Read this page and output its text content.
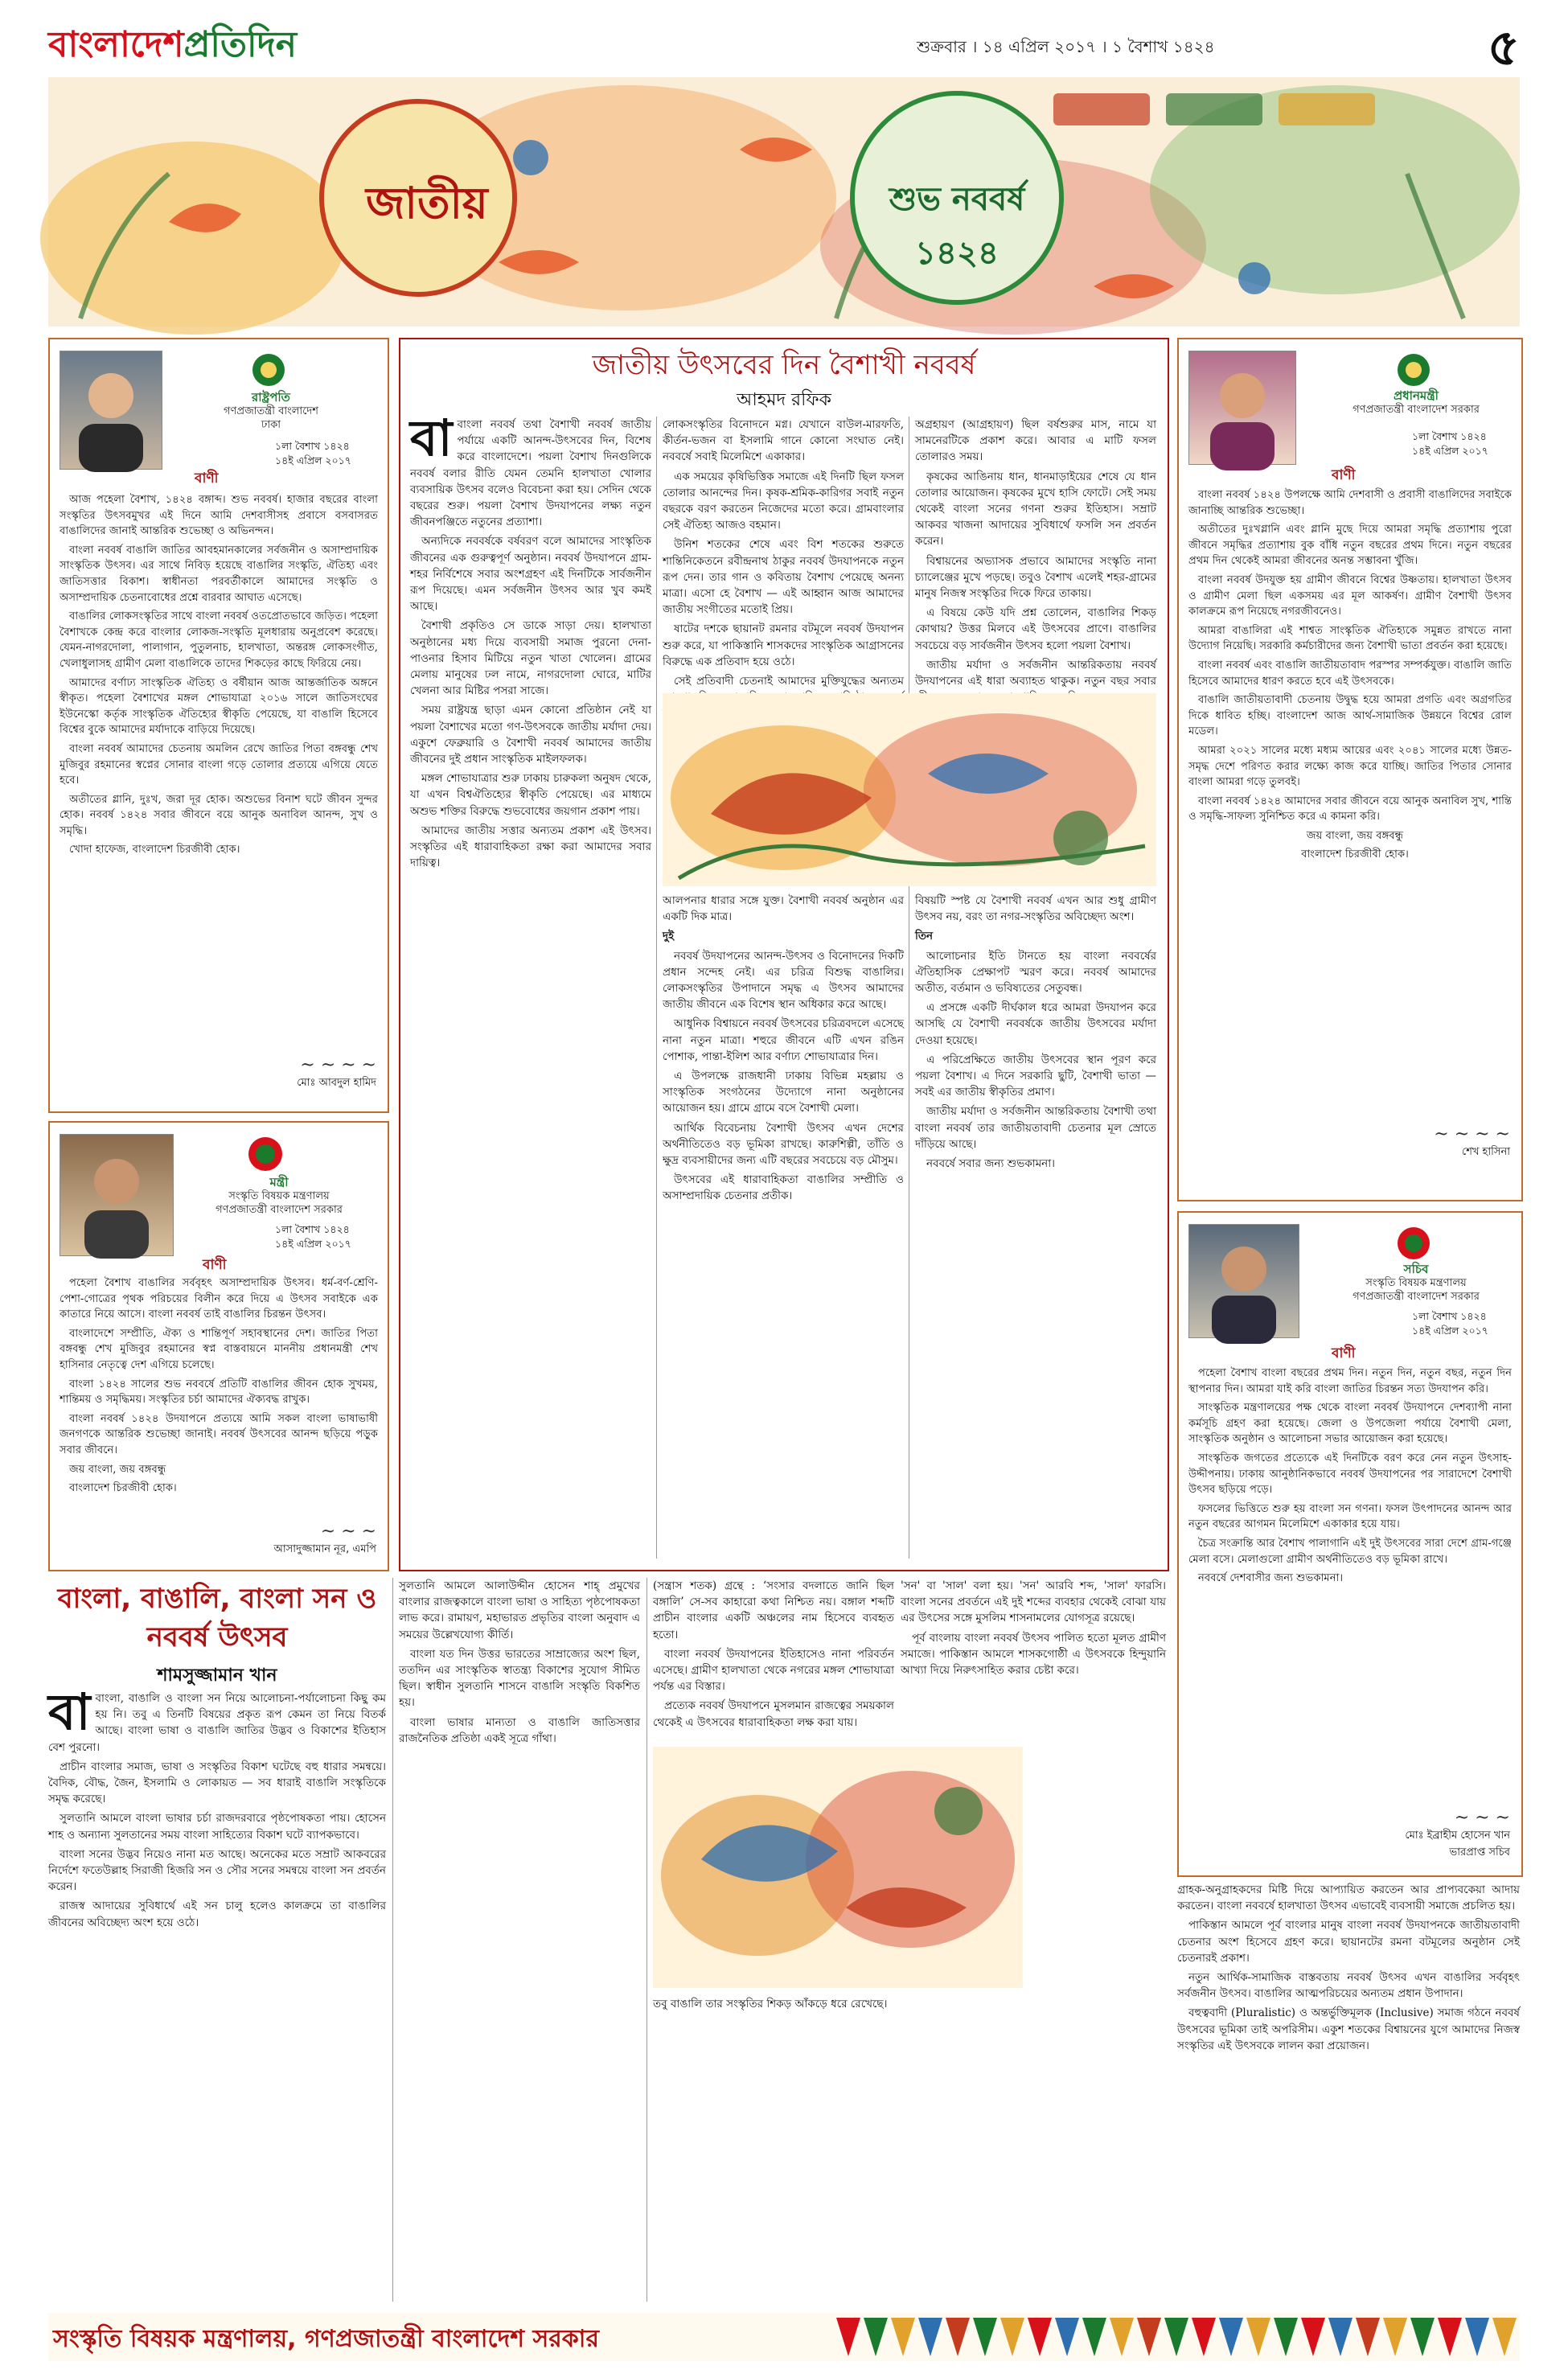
বাংলাদেশপ্রতিদিন	শুক্রবার । ১৪ এপ্রিল ২০১৭ । ১ বৈশাখ ১৪২৪	৫
জাতীয়	শুভ নববর্ষ ১৪২৪
রাষ্ট্রপতি
গণপ্রজাতন্ত্রী বাংলাদেশ
ঢাকা
১লা বৈশাখ ১৪২৪
১৪ই এপ্রিল ২০১৭
বাণী

আজ পহেলা বৈশাখ, ১৪২৪ বঙ্গাব্দ। শুভ নববর্ষ। হাজার বছরের বাংলা সংস্কৃতির উৎসবমুখর এই দিনে আমি দেশবাসীসহ প্রবাসে বসবাসরত বাঙালিদের জানাই আন্তরিক শুভেচ্ছা ও অভিনন্দন।

বাংলা নববর্ষ বাঙালি জাতির আবহমানকালের সর্বজনীন ও অসাম্প্রদায়িক সাংস্কৃতিক উৎসব। এর সাথে নিবিড় হয়েছে বাঙালির সংস্কৃতি, ঐতিহ্য এবং জাতিসত্তার বিকাশ। স্বাধীনতা পরবর্তীকালে আমাদের সংস্কৃতি ও অসাম্প্রদায়িক চেতনাবোধের প্রশ্নে বারবার আঘাত এসেছে।

বাঙালির লোকসংস্কৃতির সাথে বাংলা নববর্ষ ওতপ্রোতভাবে জড়িত। পহেলা বৈশাখকে কেন্দ্র করে বাংলার লোকজ-সংস্কৃতি মূলধারায় অনুপ্রবেশ করেছে। যেমন-নাগরদোলা, পালাগান, পুতুলনাচ, হালখাতা, অন্তরঙ্গ লোকসংগীত, খেলাধুলাসহ গ্রামীণ মেলা বাঙালিকে তাদের শিকড়ের কাছে ফিরিয়ে নেয়।

আমাদের বর্ণাঢ্য সাংস্কৃতিক ঐতিহ্য ও বর্ষীয়ান আজ আন্তর্জাতিক অঙ্গনে স্বীকৃত। পহেলা বৈশাখের মঙ্গল শোভাযাত্রা ২০১৬ সালে জাতিসংঘের ইউনেস্কো কর্তৃক সাংস্কৃতিক ঐতিহ্যের স্বীকৃতি পেয়েছে, যা বাঙালি হিসেবে বিশ্বের বুকে আমাদের মর্যাদাকে বাড়িয়ে দিয়েছে।

বাংলা নববর্ষ আমাদের চেতনায় অমলিন রেখে জাতির পিতা বঙ্গবন্ধু শেখ মুজিবুর রহমানের স্বপ্নের সোনার বাংলা গড়ে তোলার প্রত্যয়ে এগিয়ে যেতে হবে।

অতীতের গ্লানি, দুঃখ, জরা দূর হোক। অশুভের বিনাশ ঘটে জীবন সুন্দর হোক। নববর্ষ ১৪২৪ সবার জীবনে বয়ে আনুক অনাবিল আনন্দ, সুখ ও সমৃদ্ধি।

খোদা হাফেজ, বাংলাদেশ চিরজীবী হোক।

~ ~ ~ ~
মোঃ আবদুল হামিদ
মন্ত্রী
সংস্কৃতি বিষয়ক মন্ত্রণালয়
গণপ্রজাতন্ত্রী বাংলাদেশ সরকার
১লা বৈশাখ ১৪২৪
১৪ই এপ্রিল ২০১৭
বাণী

পহেলা বৈশাখ বাঙালির সর্ববৃহৎ অসাম্প্রদায়িক উৎসব। ধর্ম-বর্ণ-শ্রেণি-পেশা-গোত্রের পৃথক পরিচয়ের বিলীন করে দিয়ে এ উৎসব সবাইকে এক কাতারে নিয়ে আসে। বাংলা নববর্ষ তাই বাঙালির চিরন্তন উৎসব।

বাংলাদেশে সম্প্রীতি, ঐক্য ও শান্তিপূর্ণ সহাবস্থানের দেশ। জাতির পিতা বঙ্গবন্ধু শেখ মুজিবুর রহমানের স্বপ্ন বাস্তবায়নে মাননীয় প্রধানমন্ত্রী শেখ হাসিনার নেতৃত্বে দেশ এগিয়ে চলেছে।

বাংলা ১৪২৪ সালের শুভ নববর্ষে প্রতিটি বাঙালির জীবন হোক সুখময়, শান্তিময় ও সমৃদ্ধিময়। সংস্কৃতির চর্চা আমাদের ঐক্যবদ্ধ রাখুক।

বাংলা নববর্ষ ১৪২৪ উদযাপনে প্রত্যয়ে আমি সকল বাংলা ভাষাভাষী জনগণকে আন্তরিক শুভেচ্ছা জানাই। নববর্ষ উৎসবের আনন্দ ছড়িয়ে পড়ুক সবার জীবনে।

জয় বাংলা, জয় বঙ্গবন্ধু

বাংলাদেশ চিরজীবী হোক।

~ ~ ~
আসাদুজ্জামান নূর, এমপি
জাতীয় উৎসবের দিন বৈশাখী নববর্ষ
আহমদ রফিক
বা বাংলা নববর্ষ তথা বৈশাখী নববর্ষ জাতীয় পর্যায়ে একটি আনন্দ-উৎসবের দিন, বিশেষ করে বাংলাদেশে। পয়লা বৈশাখ দিনগুলিকে নববর্ষ বলার রীতি যেমন তেমনি হালখাতা খোলার ব্যবসায়িক উৎসব বলেও বিবেচনা করা হয়। সেদিন থেকে বছরের শুরু। পয়লা বৈশাখ উদযাপনের লক্ষ্য নতুন জীবনপঞ্জিতে নতুনের প্রত্যাশা।

অন্যদিকে নববর্ষকে বর্ষবরণ বলে আমাদের সাংস্কৃতিক জীবনের এক গুরুত্বপূর্ণ অনুষ্ঠান। নববর্ষ উদযাপনে গ্রাম-শহর নির্বিশেষে সবার অংশগ্রহণ এই দিনটিকে সার্বজনীন রূপ দিয়েছে। এমন সর্বজনীন উৎসব আর খুব কমই আছে।

বৈশাখী প্রকৃতিও সে ডাকে সাড়া দেয়। হালখাতা অনুষ্ঠানের মধ্য দিয়ে ব্যবসায়ী সমাজ পুরনো দেনা-পাওনার হিসাব মিটিয়ে নতুন খাতা খোলেন। গ্রামের মেলায় মানুষের ঢল নামে, নাগরদোলা ঘোরে, মাটির খেলনা আর মিষ্টির পসরা সাজে।

সময় রাষ্ট্রযন্ত্র ছাড়া এমন কোনো প্রতিষ্ঠান নেই যা পয়লা বৈশাখের মতো গণ-উৎসবকে জাতীয় মর্যাদা দেয়। একুশে ফেব্রুয়ারি ও বৈশাখী নববর্ষ আমাদের জাতীয় জীবনের দুই প্রধান সাংস্কৃতিক মাইলফলক।

মঙ্গল শোভাযাত্রার শুরু ঢাকায় চারুকলা অনুষদ থেকে, যা এখন বিশ্বঐতিহ্যের স্বীকৃতি পেয়েছে। এর মাধ্যমে অশুভ শক্তির বিরুদ্ধে শুভবোধের জয়গান প্রকাশ পায়।

আমাদের জাতীয় সত্তার অন্যতম প্রকাশ এই উৎসব। সংস্কৃতির এই ধারাবাহিকতা রক্ষা করা আমাদের সবার দায়িত্ব।

লোকসংস্কৃতির বিনোদনে মগ্ন। যেখানে বাউল-মারফতি, কীর্তন-ভজন বা ইসলামি গানে কোনো সংঘাত নেই। নববর্ষে সবাই মিলেমিশে একাকার।

এক সময়ের কৃষিভিত্তিক সমাজে এই দিনটি ছিল ফসল তোলার আনন্দের দিন। কৃষক-শ্রমিক-কারিগর সবাই নতুন বছরকে বরণ করতেন নিজেদের মতো করে। গ্রামবাংলার সেই ঐতিহ্য আজও বহমান।

উনিশ শতকের শেষে এবং বিশ শতকের শুরুতে শান্তিনিকেতনে রবীন্দ্রনাথ ঠাকুর নববর্ষ উদযাপনকে নতুন রূপ দেন। তার গান ও কবিতায় বৈশাখ পেয়েছে অনন্য মাত্রা। এসো হে বৈশাখ — এই আহ্বান আজ আমাদের জাতীয় সংগীতের মতোই প্রিয়।

ষাটের দশকে ছায়ানট রমনার বটমূলে নববর্ষ উদযাপন শুরু করে, যা পাকিস্তানি শাসকদের সাংস্কৃতিক আগ্রাসনের বিরুদ্ধে এক প্রতিবাদ হয়ে ওঠে।

সেই প্রতিবাদী চেতনাই আমাদের মুক্তিযুদ্ধের অন্যতম

অগ্রহায়ণ (আগ্রহায়ণ) ছিল বর্ষশুরুর মাস, নামে যা সামনেরটিকে প্রকাশ করে। আবার এ মাটি ফসল তোলারও সময়।

কৃষকের আঙিনায় ধান, ধানমাড়াইয়ের শেষে যে ধান তোলার আয়োজন। কৃষকের মুখে হাসি ফোটে। সেই সময় থেকেই বাংলা সনের গণনা শুরুর ইতিহাস। সম্রাট আকবর খাজনা আদায়ের সুবিধার্থে ফসলি সন প্রবর্তন করেন।

বিশ্বায়নের অভ্যাসক প্রভাবে আমাদের সংস্কৃতি নানা চ্যালেঞ্জের মুখে পড়ছে। তবুও বৈশাখ এলেই শহর-গ্রামের মানুষ নিজস্ব সংস্কৃতির দিকে ফিরে তাকায়।

এ বিষয়ে কেউ যদি প্রশ্ন তোলেন, বাঙালির শিকড় কোথায়? উত্তর মিলবে এই উৎসবের প্রাণে। বাঙালির সবচেয়ে বড় সার্বজনীন উৎসব হলো পয়লা বৈশাখ।

জাতীয় মর্যাদা ও সর্বজনীন আন্তরিকতায় নববর্ষ উদযাপনের এই ধারা অব্যাহত থাকুক। নতুন বছর সবার

আলপনার ধারার সঙ্গে যুক্ত। বৈশাখী নববর্ষ অনুষ্ঠান এর একটি দিক মাত্র।

দুই

নববর্ষ উদযাপনের আনন্দ-উৎসব ও বিনোদনের দিকটি প্রধান সন্দেহ নেই। এর চরিত্র বিশুদ্ধ বাঙালির। লোকসংস্কৃতির উপাদানে সমৃদ্ধ এ উৎসব আমাদের জাতীয় জীবনে এক বিশেষ স্থান অধিকার করে আছে।

আধুনিক বিশ্বায়নে নববর্ষ উৎসবের চরিত্রবদলে এসেছে নানা নতুন মাত্রা। শহুরে জীবনে এটি এখন রঙিন পোশাক, পান্তা-ইলিশ আর বর্ণাঢ্য শোভাযাত্রার দিন।

এ উপলক্ষে রাজধানী ঢাকায় বিভিন্ন মহল্লায় ও সাংস্কৃতিক সংগঠনের উদ্যোগে নানা অনুষ্ঠানের আয়োজন হয়। গ্রামে গ্রামে বসে বৈশাখী মেলা।

আর্থিক বিবেচনায় বৈশাখী উৎসব এখন দেশের অর্থনীতিতেও বড় ভূমিকা রাখছে। কারুশিল্পী, তাঁতি ও ক্ষুদ্র ব্যবসায়ীদের জন্য এটি বছরের সবচেয়ে বড় মৌসুম।

উৎসবের এই ধারাবাহিকতা বাঙালির সম্প্রীতি ও অসাম্প্রদায়িক চেতনার প্রতীক।

বিষয়টি স্পষ্ট যে বৈশাখী নববর্ষ এখন আর শুধু গ্রামীণ উৎসব নয়, বরং তা নগর-সংস্কৃতির অবিচ্ছেদ্য অংশ।

তিন

আলোচনার ইতি টানতে হয় বাংলা নববর্ষের ঐতিহাসিক প্রেক্ষাপট স্মরণ করে। নববর্ষ আমাদের অতীত, বর্তমান ও ভবিষ্যতের সেতুবন্ধ।

এ প্রসঙ্গে একটি দীর্ঘকাল ধরে আমরা উদযাপন করে আসছি যে বৈশাখী নববর্ষকে জাতীয় উৎসবের মর্যাদা দেওয়া হয়েছে।

এ পরিপ্রেক্ষিতে জাতীয় উৎসবের স্থান পূরণ করে পয়লা বৈশাখ। এ দিনে সরকারি ছুটি, বৈশাখী ভাতা — সবই এর জাতীয় স্বীকৃতির প্রমাণ।

জাতীয় মর্যাদা ও সর্বজনীন আন্তরিকতায় বৈশাখী তথা বাংলা নববর্ষ তার জাতীয়তাবাদী চেতনার মূল স্রোতে দাঁড়িয়ে আছে।

নববর্ষে সবার জন্য শুভকামনা।

প্রধানমন্ত্রী
গণপ্রজাতন্ত্রী বাংলাদেশ সরকার
১লা বৈশাখ ১৪২৪
১৪ই এপ্রিল ২০১৭
বাণী

বাংলা নববর্ষ ১৪২৪ উপলক্ষে আমি দেশবাসী ও প্রবাসী বাঙালিদের সবাইকে জানাচ্ছি আন্তরিক শুভেচ্ছা।

অতীতের দুঃখগ্লানি এবং গ্লানি মুছে দিয়ে আমরা সমৃদ্ধি প্রত্যাশায় পুরো জীবনে সমৃদ্ধির প্রত্যাশায় বুক বাঁধি নতুন বছরের প্রথম দিনে। নতুন বছরের প্রথম দিন থেকেই আমরা জীবনের অনন্ত সম্ভাবনা খুঁজি।

বাংলা নববর্ষ উদযুক্ত হয় গ্রামীণ জীবনে বিশ্বের উষ্ণতায়। হালখাতা উৎসব ও গ্রামীণ মেলা ছিল একসময় এর মূল আকর্ষণ। গ্রামীণ বৈশাখী উৎসব কালক্রমে রূপ নিয়েছে নগরজীবনেও।

আমরা বাঙালিরা এই শাশ্বত সাংস্কৃতিক ঐতিহ্যকে সমুন্নত রাখতে নানা উদ্যোগ নিয়েছি। সরকারি কর্মচারীদের জন্য বৈশাখী ভাতা প্রবর্তন করা হয়েছে।

বাংলা নববর্ষ এবং বাঙালি জাতীয়তাবাদ পরস্পর সম্পর্কযুক্ত। বাঙালি জাতি হিসেবে আমাদের ধারণ করতে হবে এই উৎসবকে।

বাঙালি জাতীয়তাবাদী চেতনায় উদ্বুদ্ধ হয়ে আমরা প্রগতি এবং অগ্রগতির দিকে ধাবিত হচ্ছি। বাংলাদেশ আজ আর্থ-সামাজিক উন্নয়নে বিশ্বের রোল মডেল।

আমরা ২০২১ সালের মধ্যে মধ্যম আয়ের এবং ২০৪১ সালের মধ্যে উন্নত-সমৃদ্ধ দেশে পরিণত করার লক্ষ্যে কাজ করে যাচ্ছি। জাতির পিতার সোনার বাংলা আমরা গড়ে তুলবই।

বাংলা নববর্ষ ১৪২৪ আমাদের সবার জীবনে বয়ে আনুক অনাবিল সুখ, শান্তি ও সমৃদ্ধি-সাফল্য সুনিশ্চিত করে এ কামনা করি।

জয় বাংলা, জয় বঙ্গবন্ধু

বাংলাদেশ চিরজীবী হোক।

~ ~ ~ ~
শেখ হাসিনা
সচিব
সংস্কৃতি বিষয়ক মন্ত্রণালয়
গণপ্রজাতন্ত্রী বাংলাদেশ সরকার
১লা বৈশাখ ১৪২৪
১৪ই এপ্রিল ২০১৭
বাণী

পহেলা বৈশাখ বাংলা বছরের প্রথম দিন। নতুন দিন, নতুন বছর, নতুন দিন স্থাপনার দিন। আমরা যাই করি বাংলা জাতির চিরন্তন সত্য উদযাপন করি।

সাংস্কৃতিক মন্ত্রণালয়ের পক্ষ থেকে বাংলা নববর্ষ উদযাপনে দেশব্যাপী নানা কর্মসূচি গ্রহণ করা হয়েছে। জেলা ও উপজেলা পর্যায়ে বৈশাখী মেলা, সাংস্কৃতিক অনুষ্ঠান ও আলোচনা সভার আয়োজন করা হয়েছে।

সাংস্কৃতিক জগতের প্রত্যেকে এই দিনটিকে বরণ করে নেন নতুন উৎসাহ-উদ্দীপনায়। ঢাকায় আনুষ্ঠানিকভাবে নববর্ষ উদযাপনের পর সারাদেশে বৈশাখী উৎসব ছড়িয়ে পড়ে।

ফসলের ভিত্তিতে শুরু হয় বাংলা সন গণনা। ফসল উৎপাদনের আনন্দ আর নতুন বছরের আগমন মিলেমিশে একাকার হয়ে যায়।

চৈত্র সংক্রান্তি আর বৈশাখ পালাগানি এই দুই উৎসবের সারা দেশে গ্রাম-গঞ্জে মেলা বসে। মেলাগুলো গ্রামীণ অর্থনীতিতেও বড় ভূমিকা রাখে।

নববর্ষে দেশবাসীর জন্য শুভকামনা।

~ ~ ~
মোঃ ইব্রাহীম হোসেন খান
ভারপ্রাপ্ত সচিব
বাংলা, বাঙালি, বাংলা সন ও
নববর্ষ উৎসব
শামসুজ্জামান খান
বা বাংলা, বাঙালি ও বাংলা সন নিয়ে আলোচনা-পর্যালোচনা কিছু কম হয় নি। তবু এ তিনটি বিষয়ের প্রকৃত রূপ কেমন তা নিয়ে বিতর্ক আছে। বাংলা ভাষা ও বাঙালি জাতির উদ্ভব ও বিকাশের ইতিহাস বেশ পুরনো।

প্রাচীন বাংলার সমাজ, ভাষা ও সংস্কৃতির বিকাশ ঘটেছে বহু ধারার সমন্বয়ে। বৈদিক, বৌদ্ধ, জৈন, ইসলামি ও লোকায়ত — সব ধারাই বাঙালি সংস্কৃতিকে সমৃদ্ধ করেছে।

সুলতানি আমলে বাংলা ভাষার চর্চা রাজদরবারে পৃষ্ঠপোষকতা পায়। হোসেন শাহ ও অন্যান্য সুলতানের সময় বাংলা সাহিত্যের বিকাশ ঘটে ব্যাপকভাবে।

বাংলা সনের উদ্ভব নিয়েও নানা মত আছে। অনেকের মতে সম্রাট আকবরের নির্দেশে ফতেউল্লাহ সিরাজী হিজরি সন ও সৌর সনের সমন্বয়ে বাংলা সন প্রবর্তন করেন।

রাজস্ব আদায়ের সুবিধার্থে এই সন চালু হলেও কালক্রমে তা বাঙালির জীবনের অবিচ্ছেদ্য অংশ হয়ে ওঠে।

সুলতানি আমলে আলাউদ্দীন হোসেন শাহ্‌ প্রমুখের বাংলার রাজত্বকালে বাংলা ভাষা ও সাহিত্য পৃষ্ঠপোষকতা লাভ করে। রামায়ণ, মহাভারত প্রভৃতির বাংলা অনুবাদ এ সময়ের উল্লেখযোগ্য কীর্তি।

বাংলা যত দিন উত্তর ভারতের সাম্রাজ্যের অংশ ছিল, ততদিন এর সাংস্কৃতিক স্বাতন্ত্র্য বিকাশের সুযোগ সীমিত ছিল। স্বাধীন সুলতানি শাসনে বাঙালি সংস্কৃতি বিকশিত হয়।

বাংলা ভাষার মান্যতা ও বাঙালি জাতিসত্তার রাজনৈতিক প্রতিষ্ঠা একই সূত্রে গাঁথা।

(সন্ত্রাস শতক) গ্রন্থে : ‘সংসার বদলাতে জানি ছিল বঙ্গালি’ সে-সব কাহারো কথা নিশ্চিত নয়। বঙ্গাল শব্দটি প্রাচীন বাংলার একটি অঞ্চলের নাম হিসেবে ব্যবহৃত হতো।

বাংলা নববর্ষ উদযাপনের ইতিহাসেও নানা পরিবর্তন এসেছে। গ্রামীণ হালখাতা থেকে নগরের মঙ্গল শোভাযাত্রা পর্যন্ত এর বিস্তার।

প্রত্যেক নববর্ষ উদযাপনে মুসলমান রাজত্বের সময়কাল থেকেই এ উৎসবের ধারাবাহিকতা লক্ষ করা যায়।

তবু বাঙালি তার সংস্কৃতির শিকড় আঁকড়ে ধরে রেখেছে।

'সন' বা 'সাল' বলা হয়। 'সন' আরবি শব্দ, 'সাল' ফারসি। বাংলা সনের প্রবর্তনে এই দুই শব্দের ব্যবহার থেকেই বোঝা যায় এর উৎসের সঙ্গে মুসলিম শাসনামলের যোগসূত্র রয়েছে।

পূর্ব বাংলায় বাংলা নববর্ষ উৎসব পালিত হতো মূলত গ্রামীণ সমাজে। পাকিস্তান আমলে শাসকগোষ্ঠী এ উৎসবকে হিন্দুয়ানি আখ্যা দিয়ে নিরুৎসাহিত করার চেষ্টা করে।

গ্রাহক-অনুগ্রাহকদের মিষ্টি দিয়ে আপ্যায়িত করতেন আর প্রাপ্যবকেয়া আদায় করতেন। বাংলা নববর্ষে হালখাতা উৎসব এভাবেই ব্যবসায়ী সমাজে প্রচলিত হয়।

পাকিস্তান আমলে পূর্ব বাংলার মানুষ বাংলা নববর্ষ উদযাপনকে জাতীয়তাবাদী চেতনার অংশ হিসেবে গ্রহণ করে। ছায়ানটের রমনা বটমূলের অনুষ্ঠান সেই চেতনারই প্রকাশ।

নতুন আর্থিক-সামাজিক বাস্তবতায় নববর্ষ উৎসব এখন বাঙালির সর্ববৃহৎ সর্বজনীন উৎসব। বাঙালির আত্মপরিচয়ের অন্যতম প্রধান উপাদান।

বহুত্ববাদী (Pluralistic) ও অন্তর্ভুক্তিমূলক (Inclusive) সমাজ গঠনে নববর্ষ উৎসবের ভূমিকা তাই অপরিসীম। একুশ শতকের বিশ্বায়নের যুগে আমাদের নিজস্ব সংস্কৃতির এই উৎসবকে লালন করা প্রয়োজন।

সংস্কৃতি বিষয়ক মন্ত্রণালয়, গণপ্রজাতন্ত্রী বাংলাদেশ সরকার
